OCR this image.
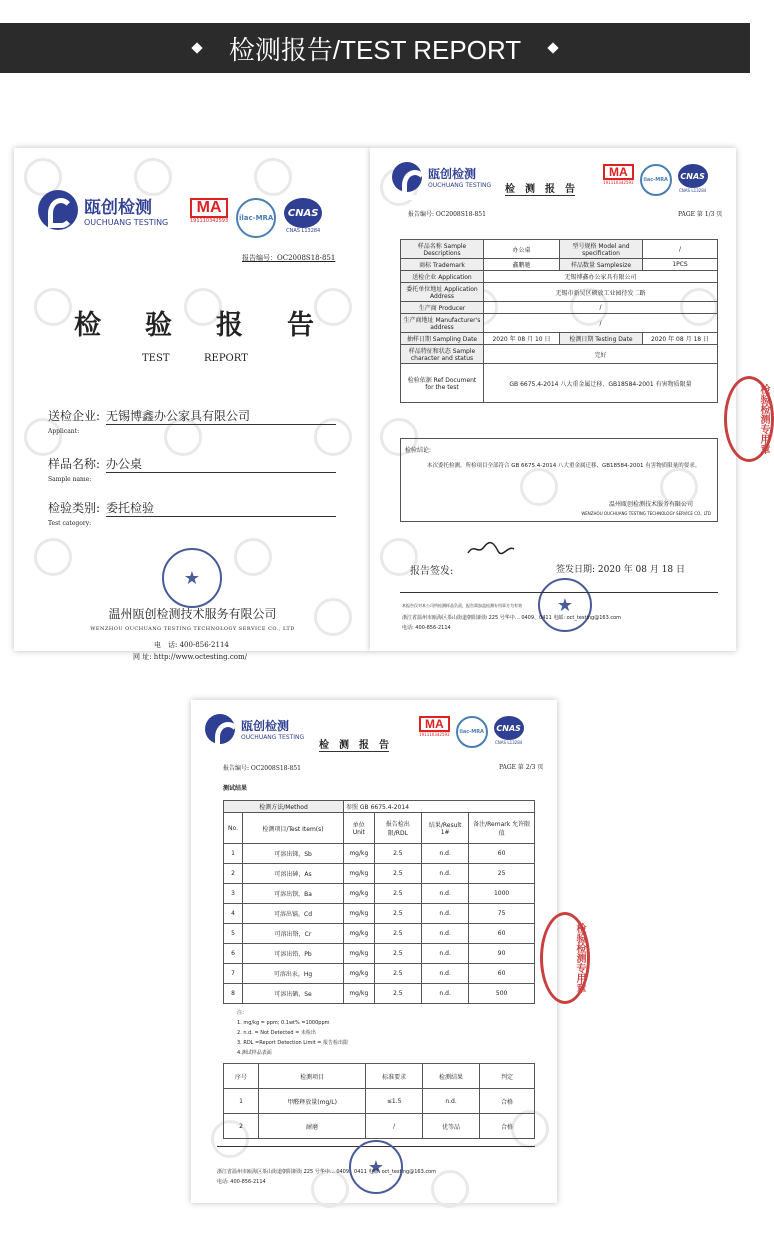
检测报告/TEST REPORT
瓯创检测
OUCHUANG TESTING
MA
191110342593	ilac-MRA	CNAS
CNAS L13284
报告编号：OC2008S18-851
检 验 报 告
TEST	REPORT
送检企业: 无锡博鑫办公家具有限公司
Applicant:
样品名称: 办公桌
Sample name:
检验类别: 委托检验
Test category:
★
温州瓯创检测技术服务有限公司
WENZHOU OUCHUANG TESTING TECHNOLOGY SERVICE CO., LTD
电　话: 400-856-2114
网 址: http://www.octesting.com/
瓯创检测
OUCHUANG TESTING 检　测　报　告
MA
191110342593	ilac-MRA	CNAS
CNAS L13284
报告编号: OC2008S18-851	PAGE 第 1/3 页
样品名称 Sample Descriptions	办公桌	型号规格 Model and specification	/
商标 Trademark	鑫鹏驰	样品数量 Samplesize	1PCS
送检企业 Application	无锡博鑫办公家具有限公司		
委托单位地址 Application Address	无锡市新吴区硕放工业园待发二路		
生产商 Producer	/		
生产商地址 Manufacturer's address	/		
抽样日期 Sampling Date	2020 年 08 月 10 日	检测日期 Testing Date	2020 年 08 月 18 日
样品特征和状态 Sample character and status	完好		
检验依据 Ref Document for the test	GB 6675.4-2014 八大重金属迁移、GB18584-2001 有害物质限量		
检验结论:
本次委托检测，所检项目全部符合 GB 6675.4-2014 八大重金属迁移、GB18584-2001 有害物质限量的要求。
温州瓯创检测技术服务有限公司
WENZHOU OUCHUANG TESTING TECHNOLOGY SERVICE CO., LTD
报告签发:	签发日期: 2020 年 08 月 18 日
★
本报告仅对本公司所检测样品负责，报告需加盖检测专用章方为有效
浙江省温州市瓯海区茶山街道朝阳新街 225 号华中… 0409、0411 电邮: oct_testing@163.com
电话: 400-856-2114
检验检测专用章
瓯创检测
OUCHUANG TESTING
检　测　报　告
MA
191110342593	ilac-MRA	CNAS
CNAS L13284
报告编号: OC2008S18-851	PAGE 第 2/3 页
测试结果
检测方法/Method		参照 GB 6675.4-2014			
No.	检测项目/Test Item(s)	单位 Unit	报告检出限/RDL	结果/Result 1#	备注/Remark 允许限值
1	可溶出锑，Sb	mg/kg	2.5	n.d.	60
2	可溶出砷，As	mg/kg	2.5	n.d.	25
3	可溶出钡，Ba	mg/kg	2.5	n.d.	1000
4	可溶出镉，Cd	mg/kg	2.5	n.d.	75
5	可溶出铬，Cr	mg/kg	2.5	n.d.	60
6	可溶出铅，Pb	mg/kg	2.5	n.d.	90
7	可溶出汞，Hg	mg/kg	2.5	n.d.	60
8	可溶出硒，Se	mg/kg	2.5	n.d.	500
注：
1. mg/kg = ppm; 0.1wt% =1000ppm
2. n.d. = Not Detected = 未检出
3. RDL =Report Detection Limit = 报告检出限
4.测试样品表面
序号	检测项目	标准要求	检测结果	判定
1	甲醛释放量(mg/L)	≤1.5	n.d.	合格
2	耐磨	/	优等品	合格
★
浙江省温州市瓯海区茶山街道朝阳新街 225 号华中… 0409、0411 电邮: oct_testing@163.com
电话: 400-856-2114
检验检测专用章
